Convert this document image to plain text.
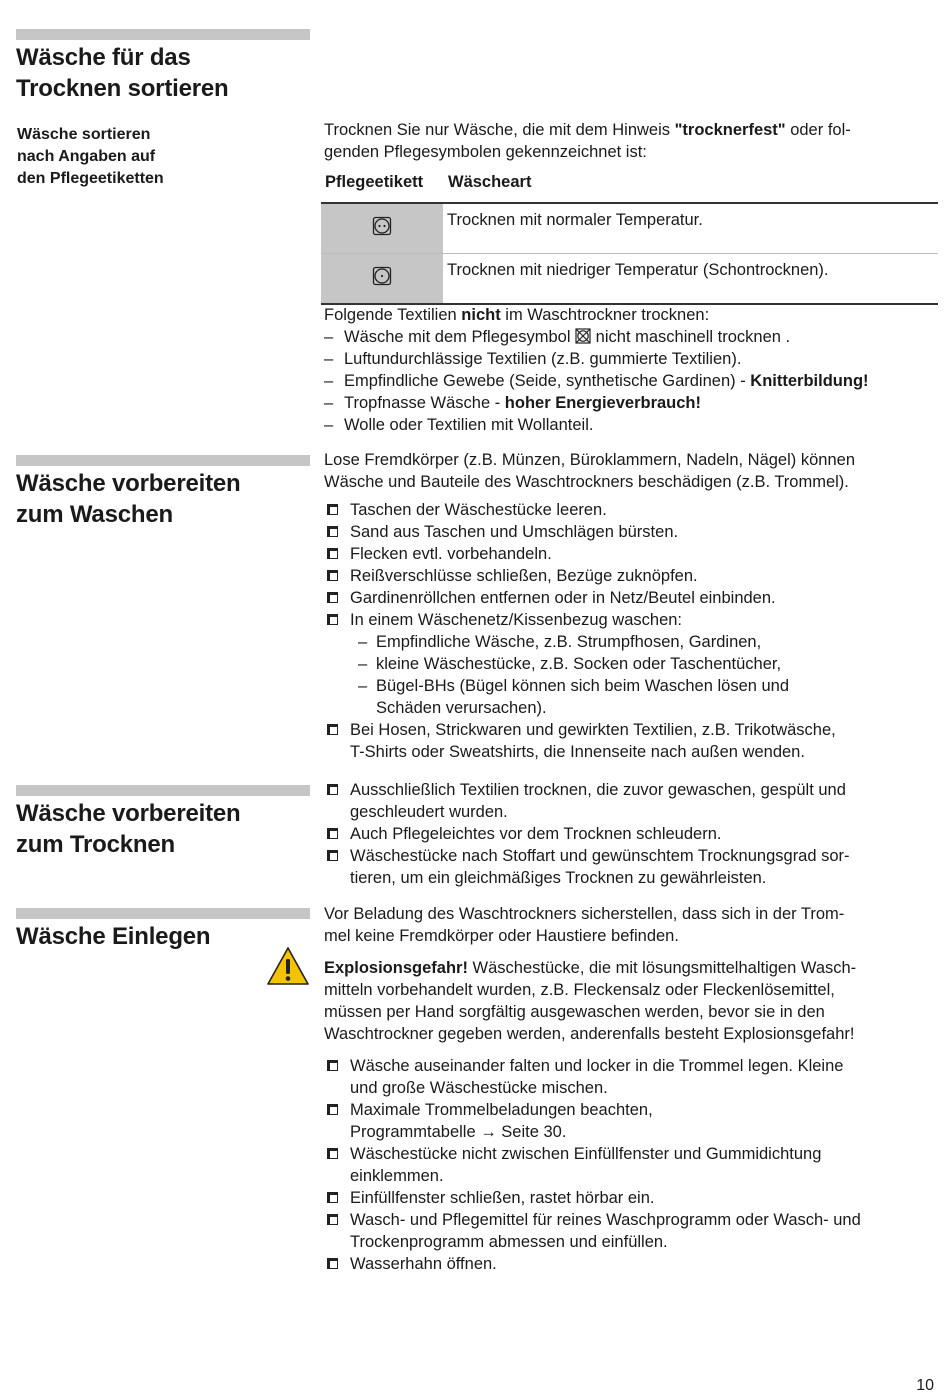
Wäsche für das
Trocknen sortieren
Wäsche sortieren
nach Angaben auf
den Pflegeetiketten
Trocknen Sie nur Wäsche, die mit dem Hinweis "trocknerfest" oder fol-
genden Pflegesymbolen gekennzeichnet ist:
Pflegeetikett Wäscheart
	Trocknen mit normaler Temperatur.
	Trocknen mit niedriger Temperatur (Schontrocknen).
Folgende Textilien nicht im Waschtrockner trocknen:
– Wäsche mit dem Pflegesymbol  nicht maschinell trocknen .
– Luftundurchlässige Textilien (z.B. gummierte Textilien).
– Empfindliche Gewebe (Seide, synthetische Gardinen) - Knitterbildung!
– Tropfnasse Wäsche - hoher Energieverbrauch!
– Wolle oder Textilien mit Wollanteil.
Wäsche vorbereiten
zum Waschen
Lose Fremdkörper (z.B. Münzen, Büroklammern, Nadeln, Nägel) können
Wäsche und Bauteile des Waschtrockners beschädigen (z.B. Trommel).
Taschen der Wäschestücke leeren.
Sand aus Taschen und Umschlägen bürsten.
Flecken evtl. vorbehandeln.
Reißverschlüsse schließen, Bezüge zuknöpfen.
Gardinenröllchen entfernen oder in Netz/Beutel einbinden.
In einem Wäschenetz/Kissenbezug waschen:
– Empfindliche Wäsche, z.B. Strumpfhosen, Gardinen,
– kleine Wäschestücke, z.B. Socken oder Taschentücher,
– Bügel-BHs (Bügel können sich beim Waschen lösen und
Schäden verursachen).
Bei Hosen, Strickwaren und gewirkten Textilien, z.B. Trikotwäsche,
T-Shirts oder Sweatshirts, die Innenseite nach außen wenden.
Wäsche vorbereiten
zum Trocknen
Ausschließlich Textilien trocknen, die zuvor gewaschen, gespült und
geschleudert wurden.
Auch Pflegeleichtes vor dem Trocknen schleudern.
Wäschestücke nach Stoffart und gewünschtem Trocknungsgrad sor-
tieren, um ein gleichmäßiges Trocknen zu gewährleisten.
Wäsche Einlegen
Vor Beladung des Waschtrockners sicherstellen, dass sich in der Trom-
mel keine Fremdkörper oder Haustiere befinden.
Explosionsgefahr! Wäschestücke, die mit lösungsmittelhaltigen Wasch-
mitteln vorbehandelt wurden, z.B. Fleckensalz oder Fleckenlösemittel,
müssen per Hand sorgfältig ausgewaschen werden, bevor sie in den
Waschtrockner gegeben werden, anderenfalls besteht Explosionsgefahr!
Wäsche auseinander falten und locker in die Trommel legen. Kleine
und große Wäschestücke mischen.
Maximale Trommelbeladungen beachten,
Programmtabelle → Seite 30.
Wäschestücke nicht zwischen Einfüllfenster und Gummidichtung
einklemmen.
Einfüllfenster schließen, rastet hörbar ein.
Wasch- und Pflegemittel für reines Waschprogramm oder Wasch- und
Trockenprogramm abmessen und einfüllen.
Wasserhahn öffnen.
10
